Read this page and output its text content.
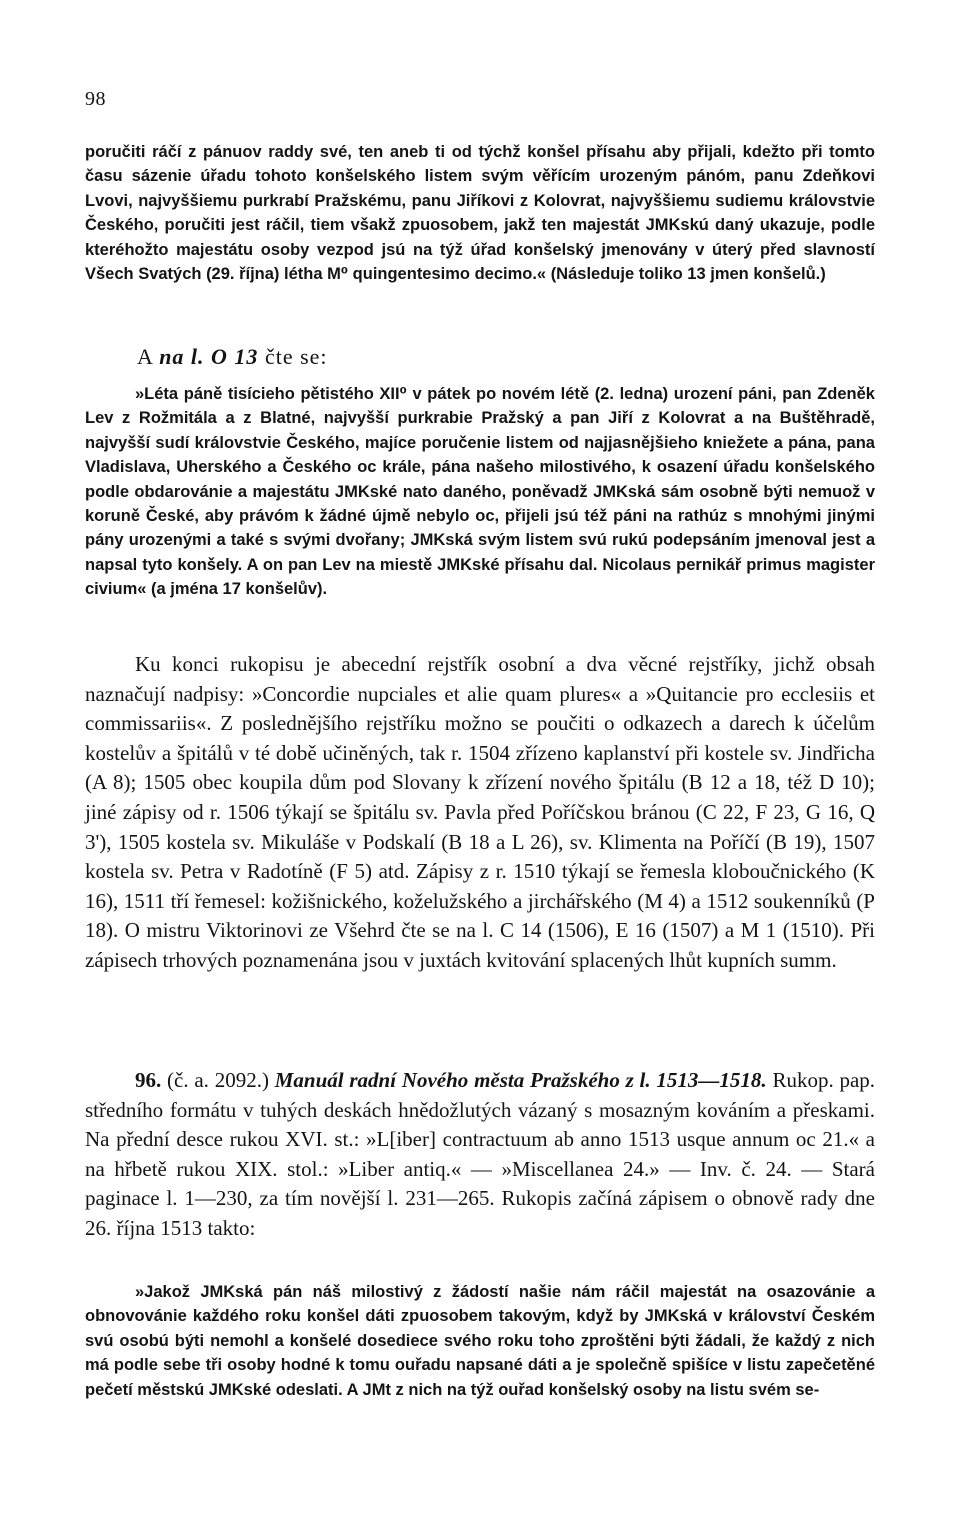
98

poručiti ráčí z pánuov raddy své, ten aneb ti od týchž konšel přísahu aby přijali, kdežto při tomto času sázenie úřadu tohoto konšelského listem svým věřícím urozeným pánóm, panu Zdeňkovi Lvovi, najvyššiemu purkrabí Pražskému, panu Jiříkovi z Kolovrat, najvyššiemu sudiemu královstvie Českého, poručiti jest ráčil, tiem všakž zpuosobem, jakž ten majestát JMKskú daný ukazuje, podle kteréhožto majestátu osoby vezpod jsú na týž úřad konšelský jmenovány v úterý před slavností Všech Svatých (29. října) létha M⁰ quingentesimo decimo.« (Následuje toliko 13 jmen konšelů.)

A na l. O 13 čte se:

»Léta páně tisícieho pětistého XII⁰ v pátek po novém létě (2. ledna) urození páni, pan Zdeněk Lev z Rožmitála a z Blatné, najvyšší purkrabie Pražský a pan Jiří z Kolovrat a na Buštěhradě, najvyšší sudí královstvie Českého, majíce poručenie listem od najjasnějšieho kniežete a pána, pana Vladislava, Uherského a Českého oc krále, pána našeho milostivého, k osazení úřadu konšelského podle obdarovánie a majestátu JMKské nato daného, poněvadž JMKská sám osobně býti nemuož v koruně České, aby právóm k žádné újmě nebylo oc, přijeli jsú též páni na rathúz s mnohými jinými pány urozenými a také s svými dvořany; JMKská svým listem svú rukú podepsáním jmenoval jest a napsal tyto konšely. A on pan Lev na miestě JMKské přísahu dal. Nicolaus pernikář primus magister civium« (a jména 17 konšelův).

Ku konci rukopisu je abecední rejstřík osobní a dva věcné rejstříky, jichž obsah naznačují nadpisy: »Concordie nupciales et alie quam plures« a »Quitancie pro ecclesiis et commissariis«. Z poslednějšího rejstříku možno se poučiti o odkazech a darech k účelům kostelův a špitálů v té době učiněných, tak r. 1504 zřízeno kaplanství při kostele sv. Jindřicha (A 8); 1505 obec koupila dům pod Slovany k zřízení nového špitálu (B 12 a 18, též D 10); jiné zápisy od r. 1506 týkají se špitálu sv. Pavla před Poříčskou bránou (C 22, F 23, G 16, Q 3'), 1505 kostela sv. Mikuláše v Podskalí (B 18 a L 26), sv. Klimenta na Poříčí (B 19), 1507 kostela sv. Petra v Radotíně (F 5) atd. Zápisy z r. 1510 týkají se řemesla kloboučnického (K 16), 1511 tří řemesel: kožišnického, koželužského a jirchářského (M 4) a 1512 soukenníků (P 18). O mistru Viktorinovi ze Všehrd čte se na l. C 14 (1506), E 16 (1507) a M 1 (1510). Při zápisech trhových poznamenána jsou v juxtách kvitování splacených lhůt kupních summ.

96. (č. a. 2092.) Manuál radní Nového města Pražského z l. 1513—1518. Rukop. pap. středního formátu v tuhých deskách hnědožlutých vázaný s mosazným kováním a přeskami. Na přední desce rukou XVI. st.: »L[iber] contractuum ab anno 1513 usque annum oc 21.« a na hřbetě rukou XIX. stol.: »Liber antiq.« — »Miscellanea 24.» — Inv. č. 24. — Stará paginace l. 1—230, za tím novější l. 231—265. Rukopis začíná zápisem o obnově rady dne 26. října 1513 takto:

»Jakož JMKská pán náš milostivý z žádostí našie nám ráčil majestát na osazovánie a obnovovánie každého roku konšel dáti zpuosobem takovým, když by JMKská v království Českém svú osobú býti nemohl a konšelé dosediece svého roku toho zproštěni býti žádali, že každý z nich má podle sebe tři osoby hodné k tomu ouřadu napsané dáti a je společně spišíce v listu zapečetěné pečetí městskú JMKské odeslati. A JMt z nich na týž ouřad konšelský osoby na listu svém se-
